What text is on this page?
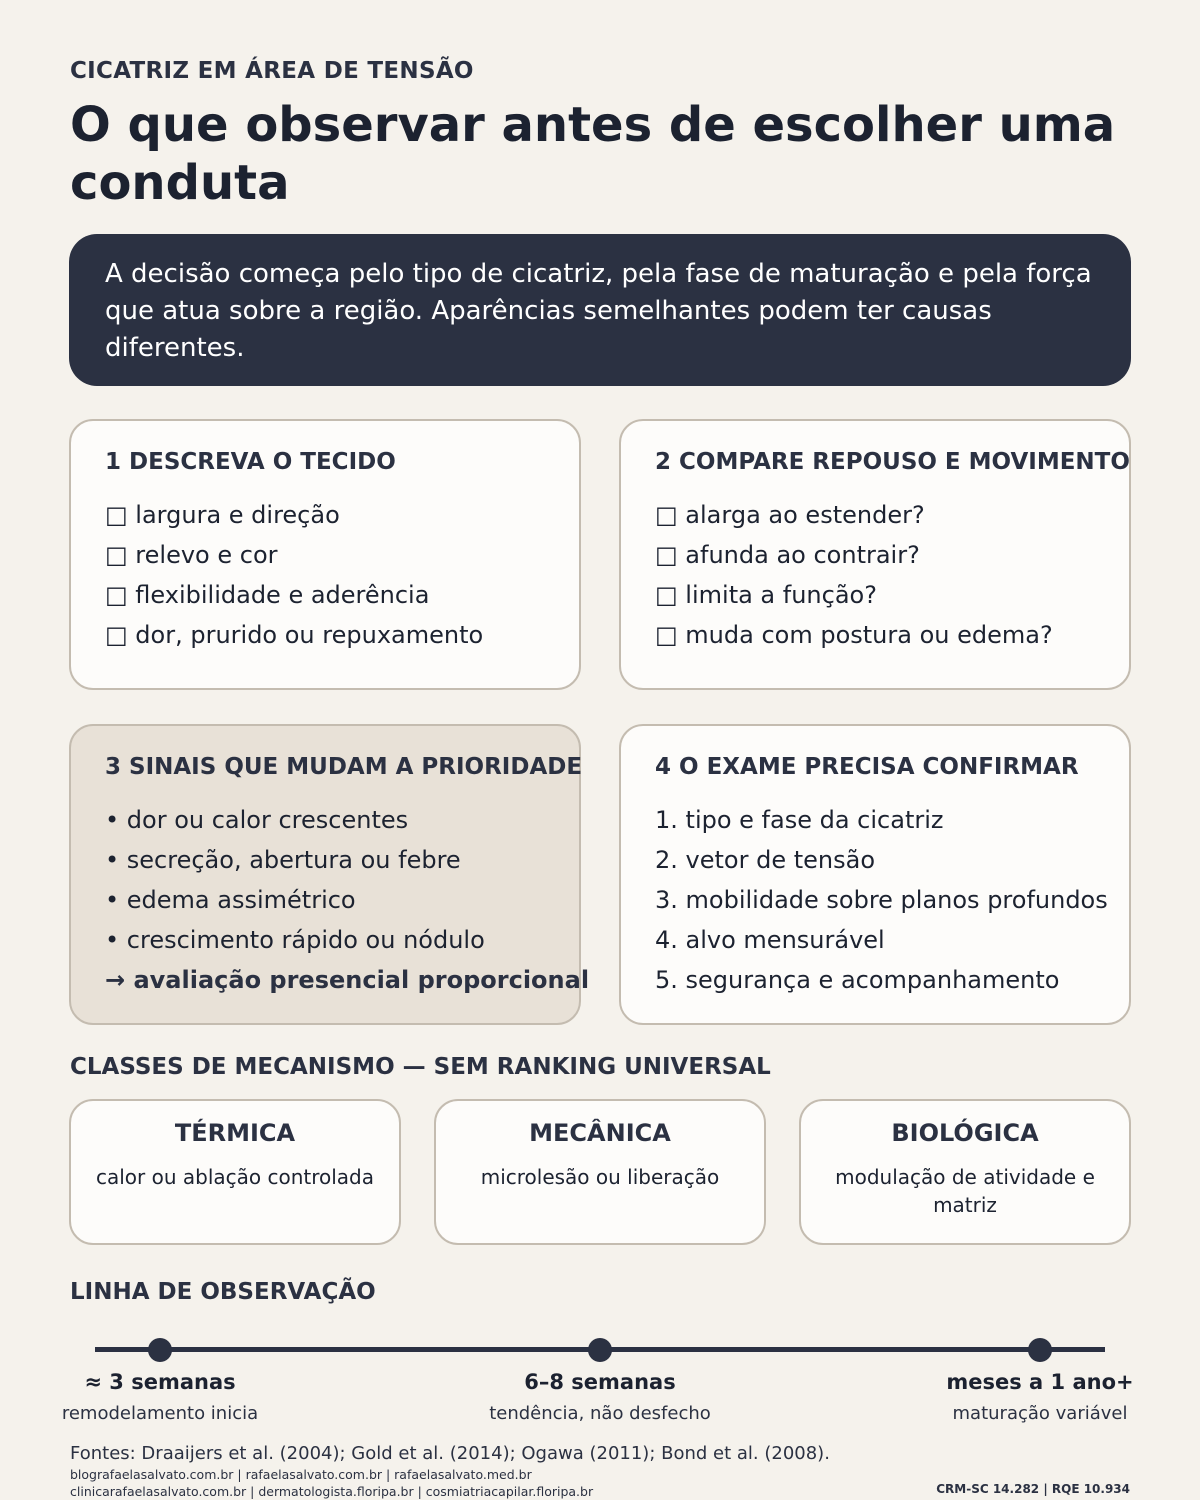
CICATRIZ EM ÁREA DE TENSÃO
O que observar antes de escolher uma conduta

A decisão começa pelo tipo de cicatriz, pela fase de maturação e pela força que atua sobre a região. Aparências semelhantes podem ter causas diferentes.

1 DESCREVA O TECIDO
□ largura e direção
□ relevo e cor
□ flexibilidade e aderência
□ dor, prurido ou repuxamento
2 COMPARE REPOUSO E MOVIMENTO
□ alarga ao estender?
□ afunda ao contrair?
□ limita a função?
□ muda com postura ou edema?
3 SINAIS QUE MUDAM A PRIORIDADE
• dor ou calor crescentes
• secreção, abertura ou febre
• edema assimétrico
• crescimento rápido ou nódulo
→ avaliação presencial proporcional
4 O EXAME PRECISA CONFIRMAR
1. tipo e fase da cicatriz
2. vetor de tensão
3. mobilidade sobre planos profundos
4. alvo mensurável
5. segurança e acompanhamento
CLASSES DE MECANISMO — SEM RANKING UNIVERSAL
TÉRMICA
calor ou ablação controlada
MECÂNICA
microlesão ou liberação
BIOLÓGICA
modulação de atividade e matriz
LINHA DE OBSERVAÇÃO
≈ 3 semanas
remodelamento inicia
6–8 semanas
tendência, não desfecho
meses a 1 ano+
maturação variável
Fontes: Draaijers et al. (2004); Gold et al. (2014); Ogawa (2011); Bond et al. (2008).
blografaelasalvato.com.br | rafaelasalvato.com.br | rafaelasalvato.med.br
clinicarafaelasalvato.com.br | dermatologista.floripa.br | cosmiatriacapilar.floripa.br	CRM-SC 14.282 | RQE 10.934
